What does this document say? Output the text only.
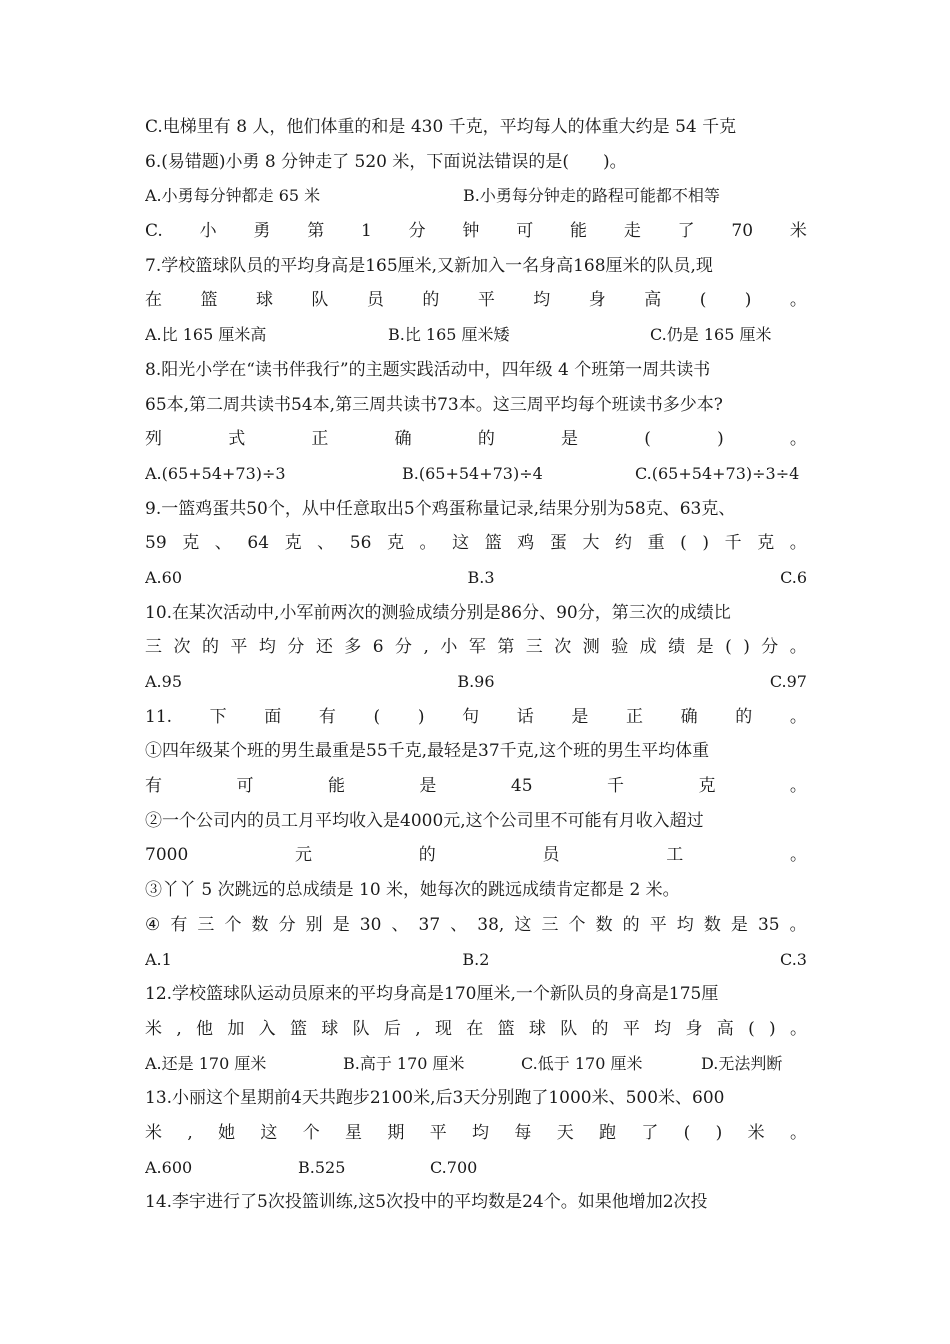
C.电梯里有 8 人，他们体重的和是 430 千克，平均每人的体重大约是 54 千克
6.(易错题)小勇 8 分钟走了 520 米，下面说法错误的是(　　)。
A.小勇每分钟都走 65 米	B.小勇每分钟走的路程可能都不相等
C. 小 勇 第 1 分 钟 可 能 走 了 70 米
7.学校篮球队员的平均身高是165厘米,又新加入一名身高168厘米的队员,现
在 篮 球 队 员 的 平 均 身 高 ( ) 。
A.比 165 厘米高	B.比 165 厘米矮	C.仍是 165 厘米
8.阳光小学在“读书伴我行”的主题实践活动中，四年级 4 个班第一周共读书
65本,第二周共读书54本,第三周共读书73本。这三周平均每个班读书多少本?
列	式	正	确	的	是	(	)	。
A.(65+54+73)÷3	B.(65+54+73)÷4	C.(65+54+73)÷3÷4
9.一篮鸡蛋共50个，从中任意取出5个鸡蛋称量记录,结果分别为58克、63克、
59 克 、 64 克 、 56 克 。 这 篮 鸡 蛋 大 约 重 ( ) 千 克 。
A.60	B.3	C.6
10.在某次活动中,小军前两次的测验成绩分别是86分、90分，第三次的成绩比
三 次 的 平 均 分 还 多 6 分 , 小 军 第 三 次 测 验 成 绩 是 ( ) 分 。
A.95	B.96	C.97
11. 下 面 有 ( ) 句 话 是 正 确 的 。
①四年级某个班的男生最重是55千克,最轻是37千克,这个班的男生平均体重
有	可	能	是	45	千	克	。
②一个公司内的员工月平均收入是4000元,这个公司里不可能有月收入超过
7000	元	的	员	工	。
③丫丫 5 次跳远的总成绩是 10 米，她每次的跳远成绩肯定都是 2 米。
④ 有 三 个 数 分 别 是 30 、 37 、 38, 这 三 个 数 的 平 均 数 是 35 。
A.1	B.2	C.3
12.学校篮球队运动员原来的平均身高是170厘米,一个新队员的身高是175厘
米 , 他 加 入 篮 球 队 后 , 现 在 篮 球 队 的 平 均 身 高 ( ) 。
A.还是 170 厘米	B.高于 170 厘米	C.低于 170 厘米	D.无法判断
13.小丽这个星期前4天共跑步2100米,后3天分别跑了1000米、500米、600
米 , 她 这 个 星 期 平 均 每 天 跑 了 ( ) 米 。
A.600	B.525	C.700
14.李宇进行了5次投篮训练,这5次投中的平均数是24个。如果他增加2次投
